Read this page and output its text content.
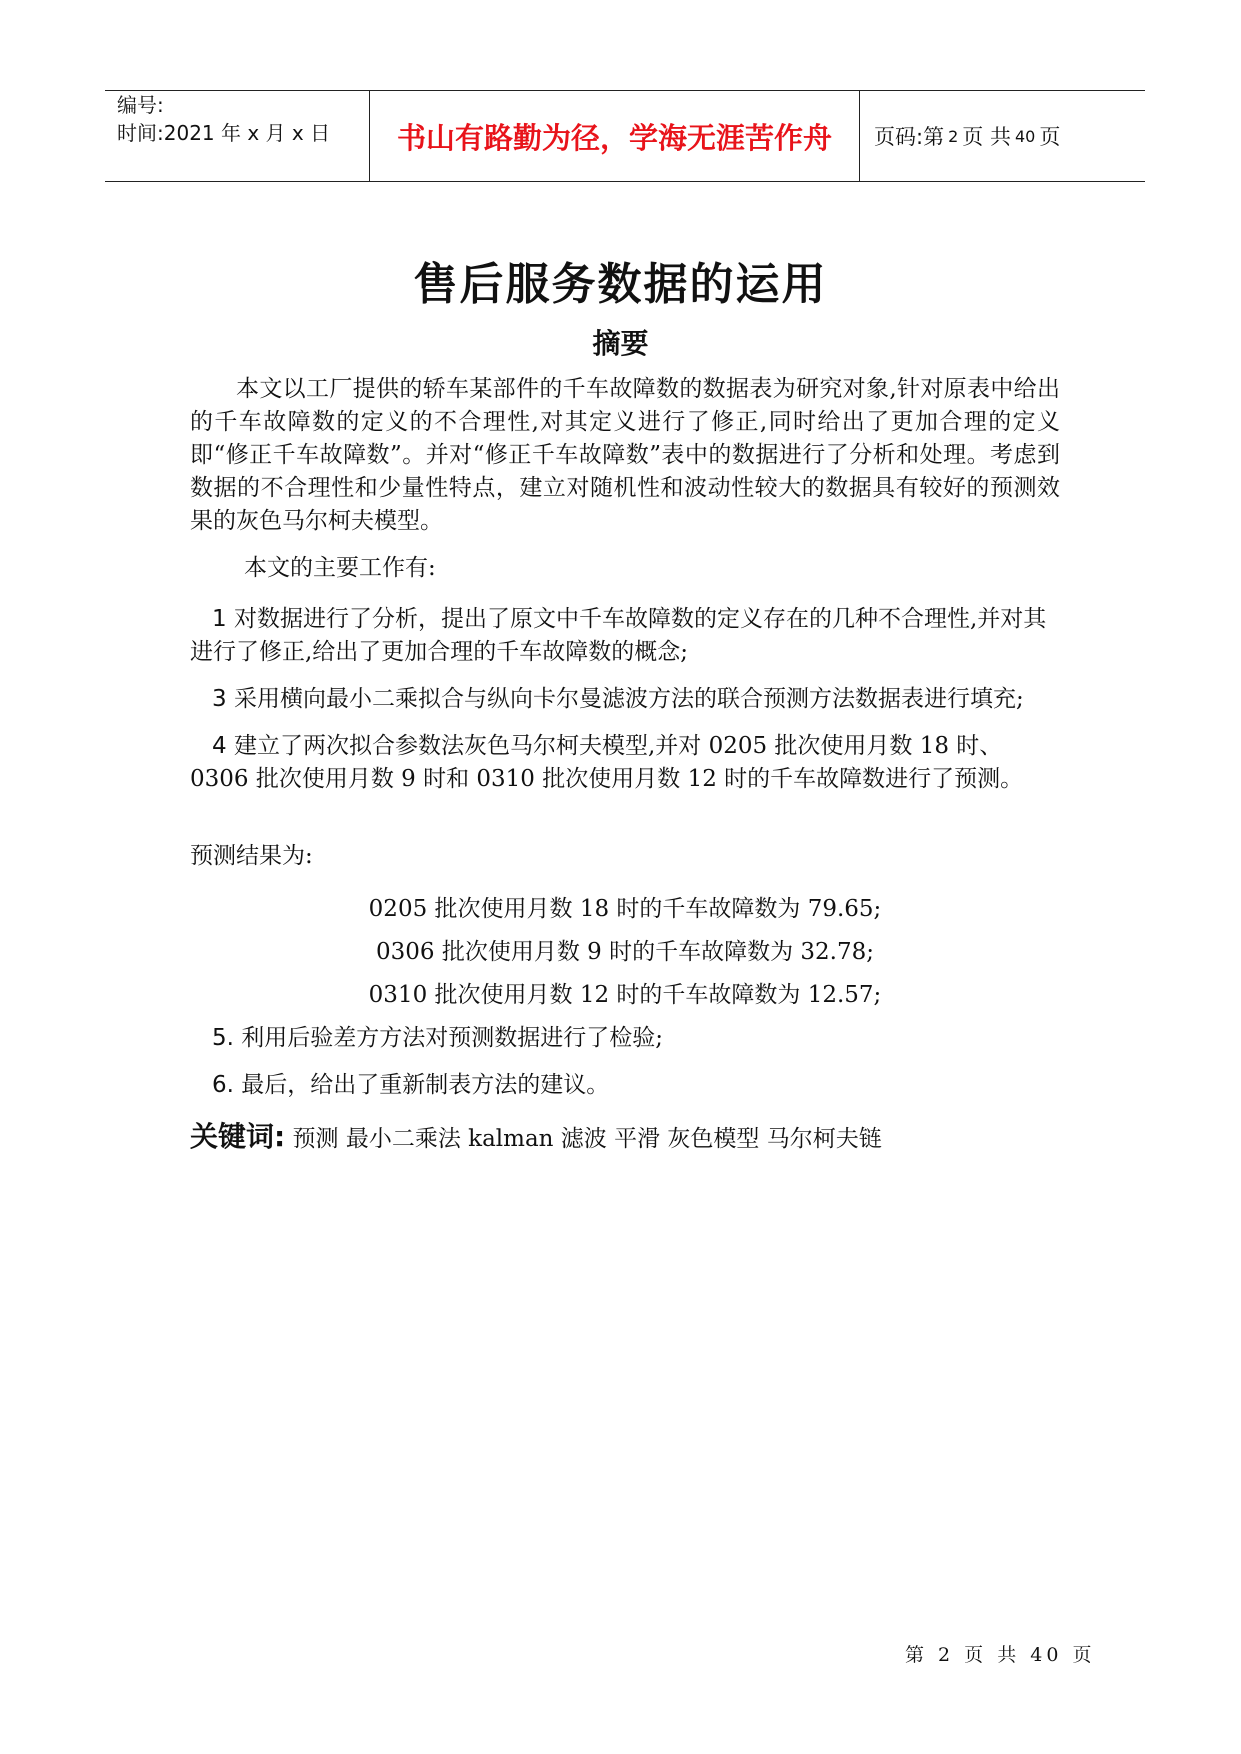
编号:
时间:2021 年 x 月 x 日	书山有路勤为径，学海无涯苦作舟	页码:第 2 页 共 40 页
售后服务数据的运用
摘要

本文以工厂提供的轿车某部件的千车故障数的数据表为研究对象,针对原表中给出的千车故障数的定义的不合理性,对其定义进行了修正,同时给出了更加合理的定义即“修正千车故障数”。并对“修正千车故障数”表中的数据进行了分析和处理。考虑到数据的不合理性和少量性特点，建立对随机性和波动性较大的数据具有较好的预测效果的灰色马尔柯夫模型。

本文的主要工作有:

1 对数据进行了分析，提出了原文中千车故障数的定义存在的几种不合理性,并对其进行了修正,给出了更加合理的千车故障数的概念;

3 采用横向最小二乘拟合与纵向卡尔曼滤波方法的联合预测方法数据表进行填充;

4 建立了两次拟合参数法灰色马尔柯夫模型,并对 0205 批次使用月数 18 时、0306 批次使用月数 9 时和 0310 批次使用月数 12 时的千车故障数进行了预测。

预测结果为:

0205 批次使用月数 18 时的千车故障数为 79.65;

0306 批次使用月数 9 时的千车故障数为 32.78;

0310 批次使用月数 12 时的千车故障数为 12.57;

5. 利用后验差方方法对预测数据进行了检验;

6. 最后，给出了重新制表方法的建议。

关键词: 预测 最小二乘法 kalman 滤波 平滑 灰色模型 马尔柯夫链

第 2 页 共 40 页
